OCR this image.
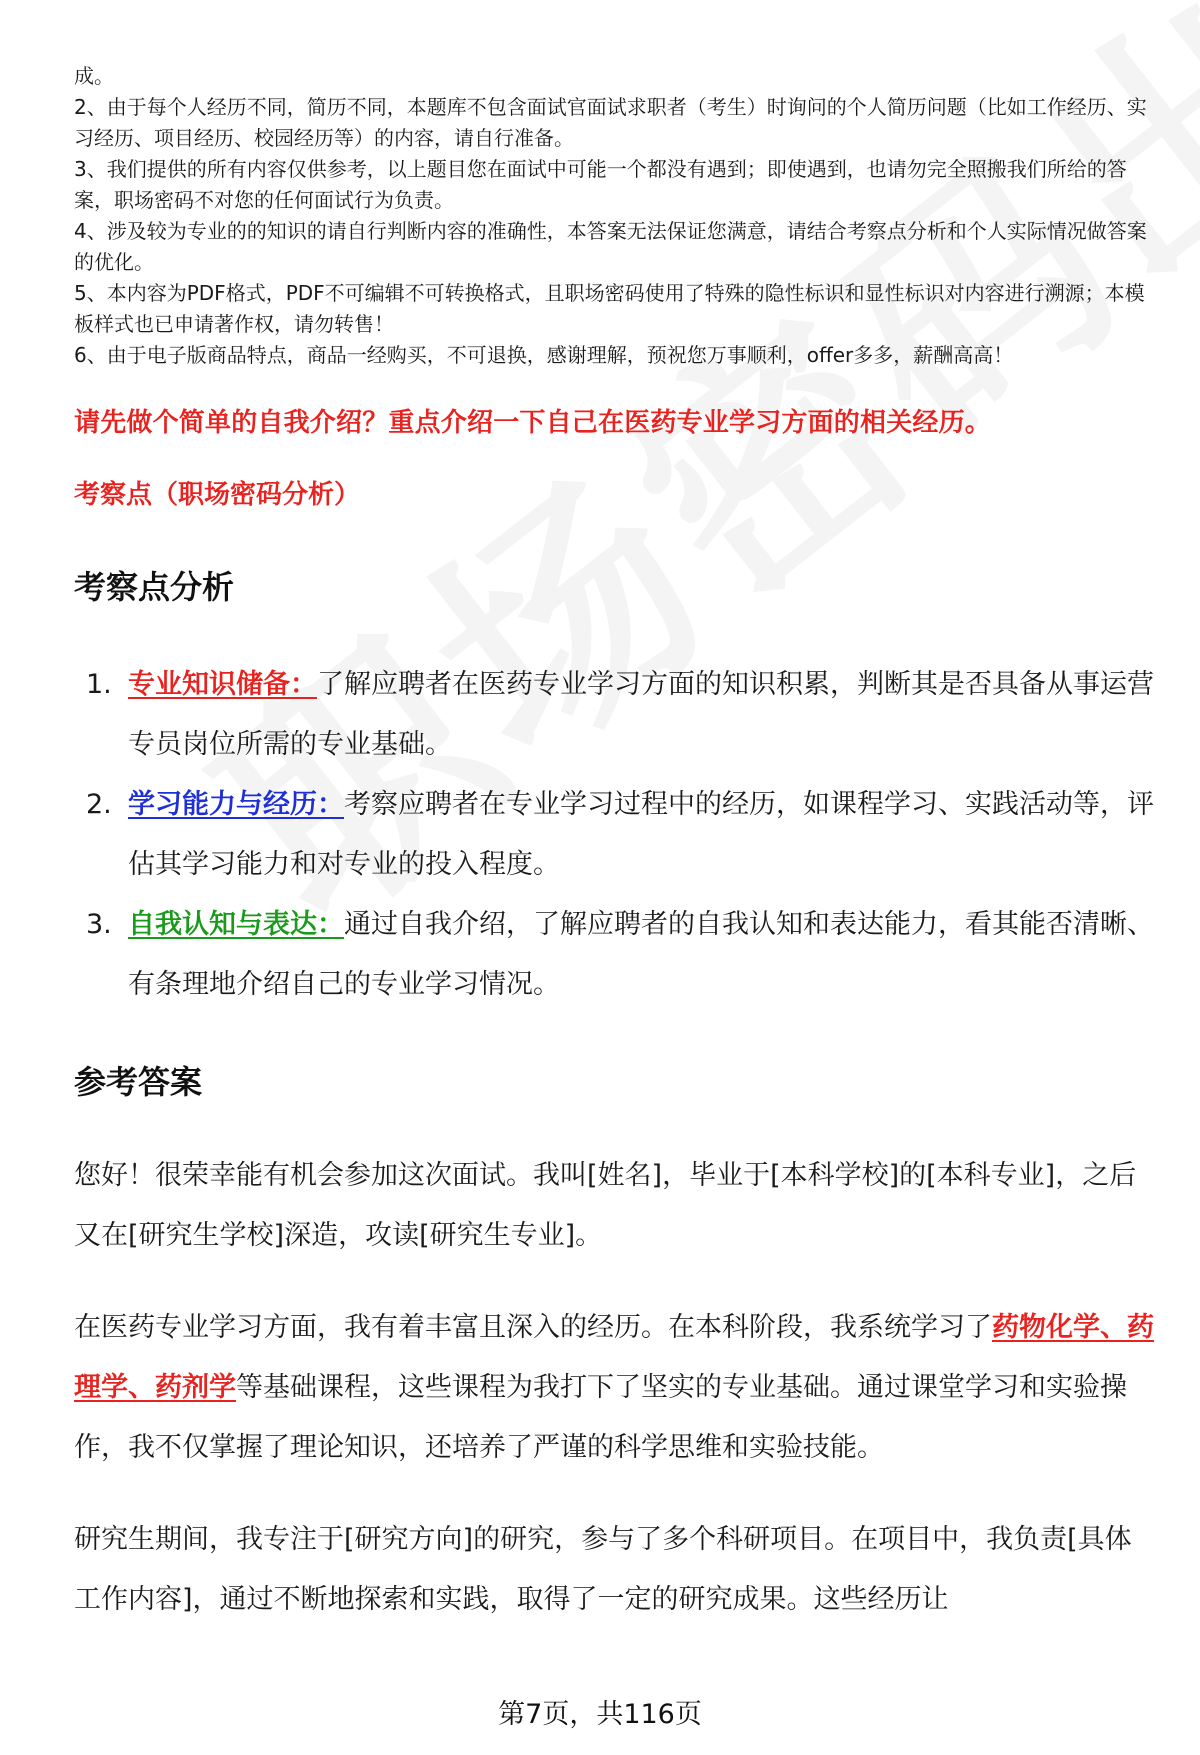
成。

2、由于每个人经历不同，简历不同，本题库不包含面试官面试求职者（考生）时询问的个人简历问题（比如工作经历、实习经历、项目经历、校园经历等）的内容，请自行准备。

3、我们提供的所有内容仅供参考，以上题目您在面试中可能一个都没有遇到；即使遇到，也请勿完全照搬我们所给的答案，职场密码不对您的任何面试行为负责。

4、涉及较为专业的的知识的请自行判断内容的准确性，本答案无法保证您满意，请结合考察点分析和个人实际情况做答案的优化。

5、本内容为PDF格式，PDF不可编辑不可转换格式，且职场密码使用了特殊的隐性标识和显性标识对内容进行溯源；本模板样式也已申请著作权，请勿转售！

6、由于电子版商品特点，商品一经购买，不可退换，感谢理解，预祝您万事顺利，offer多多，薪酬高高！

请先做个简单的自我介绍？重点介绍一下自己在医药专业学习方面的相关经历。
考察点（职场密码分析）
考察点分析
1. 专业知识储备：了解应聘者在医药专业学习方面的知识积累，判断其是否具备从事运营专员岗位所需的专业基础。
2. 学习能力与经历：考察应聘者在专业学习过程中的经历，如课程学习、实践活动等，评估其学习能力和对专业的投入程度。
3. 自我认知与表达：通过自我介绍，了解应聘者的自我认知和表达能力，看其能否清晰、有条理地介绍自己的专业学习情况。
参考答案

您好！很荣幸能有机会参加这次面试。我叫[姓名]，毕业于[本科学校]的[本科专业]，之后又在[研究生学校]深造，攻读[研究生专业]。

在医药专业学习方面，我有着丰富且深入的经历。在本科阶段，我系统学习了药物化学、药理学、药剂学等基础课程，这些课程为我打下了坚实的专业基础。通过课堂学习和实验操作，我不仅掌握了理论知识，还培养了严谨的科学思维和实验技能。

研究生期间，我专注于[研究方向]的研究，参与了多个科研项目。在项目中，我负责[具体工作内容]，通过不断地探索和实践，取得了一定的研究成果。这些经历让

第7页，共116页
